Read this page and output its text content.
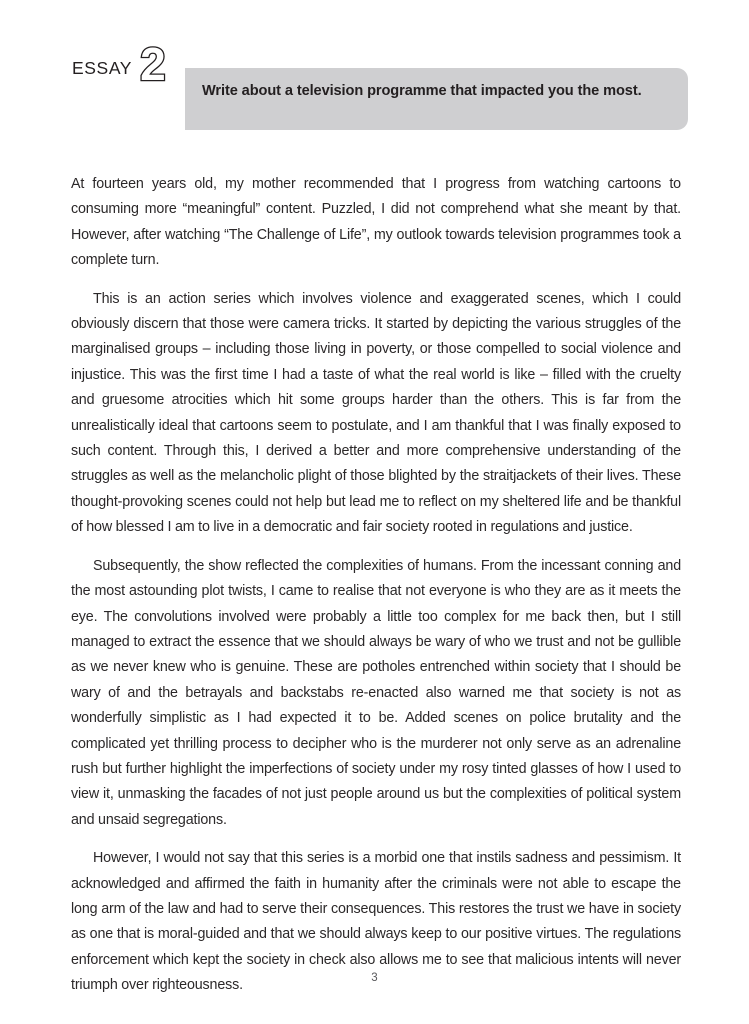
ESSAY 2
Write about a television programme that impacted you the most.

At fourteen years old, my mother recommended that I progress from watching cartoons to consuming more “meaningful” content. Puzzled, I did not comprehend what she meant by that. However, after watching “The Challenge of Life”, my outlook towards television programmes took a complete turn.

This is an action series which involves violence and exaggerated scenes, which I could obviously discern that those were camera tricks. It started by depicting the various struggles of the marginalised groups – including those living in poverty, or those compelled to social violence and injustice. This was the first time I had a taste of what the real world is like – filled with the cruelty and gruesome atrocities which hit some groups harder than the others. This is far from the unrealistically ideal that cartoons seem to postulate, and I am thankful that I was finally exposed to such content. Through this, I derived a better and more comprehensive understanding of the struggles as well as the melancholic plight of those blighted by the straitjackets of their lives. These thought-provoking scenes could not help but lead me to reflect on my sheltered life and be thankful of how blessed I am to live in a democratic and fair society rooted in regulations and justice.

Subsequently, the show reflected the complexities of humans. From the incessant conning and the most astounding plot twists, I came to realise that not everyone is who they are as it meets the eye. The convolutions involved were probably a little too complex for me back then, but I still managed to extract the essence that we should always be wary of who we trust and not be gullible as we never knew who is genuine. These are potholes entrenched within society that I should be wary of and the betrayals and backstabs re-enacted also warned me that society is not as wonderfully simplistic as I had expected it to be. Added scenes on police brutality and the complicated yet thrilling process to decipher who is the murderer not only serve as an adrenaline rush but further highlight the imperfections of society under my rosy tinted glasses of how I used to view it, unmasking the facades of not just people around us but the complexities of political system and unsaid segregations.

However, I would not say that this series is a morbid one that instils sadness and pessimism. It acknowledged and affirmed the faith in humanity after the criminals were not able to escape the long arm of the law and had to serve their consequences. This restores the trust we have in society as one that is moral-guided and that we should always keep to our positive virtues. The regulations enforcement which kept the society in check also allows me to see that malicious intents will never triumph over righteousness.	3
